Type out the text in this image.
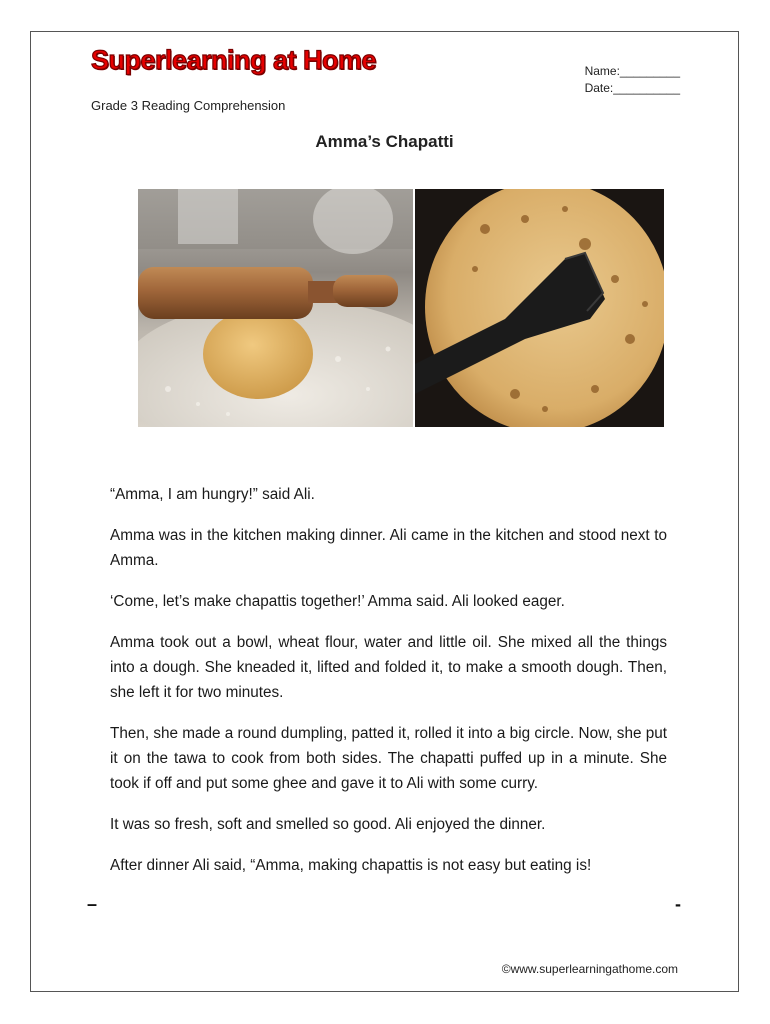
Superlearning at Home	Name:_________
Date:__________
Grade 3 Reading Comprehension
Amma’s Chapatti

“Amma, I am hungry!” said Ali.

Amma was in the kitchen making dinner. Ali came in the kitchen and stood next to Amma.

‘Come, let’s make chapattis together!’ Amma said. Ali looked eager.

Amma took out a bowl, wheat flour, water and little oil. She mixed all the things into a dough. She kneaded it, lifted and folded it, to make a smooth dough. Then, she left it for two minutes.

Then, she made a round dumpling, patted it, rolled it into a big circle. Now, she put it on the tawa to cook from both sides. The chapatti puffed up in a minute. She took if off and put some ghee and gave it to Ali with some curry.

It was so fresh, soft and smelled so good. Ali enjoyed the dinner.

After dinner Ali said, “Amma, making chapattis is not easy but eating is!

–	-
©www.superlearningathome.com
